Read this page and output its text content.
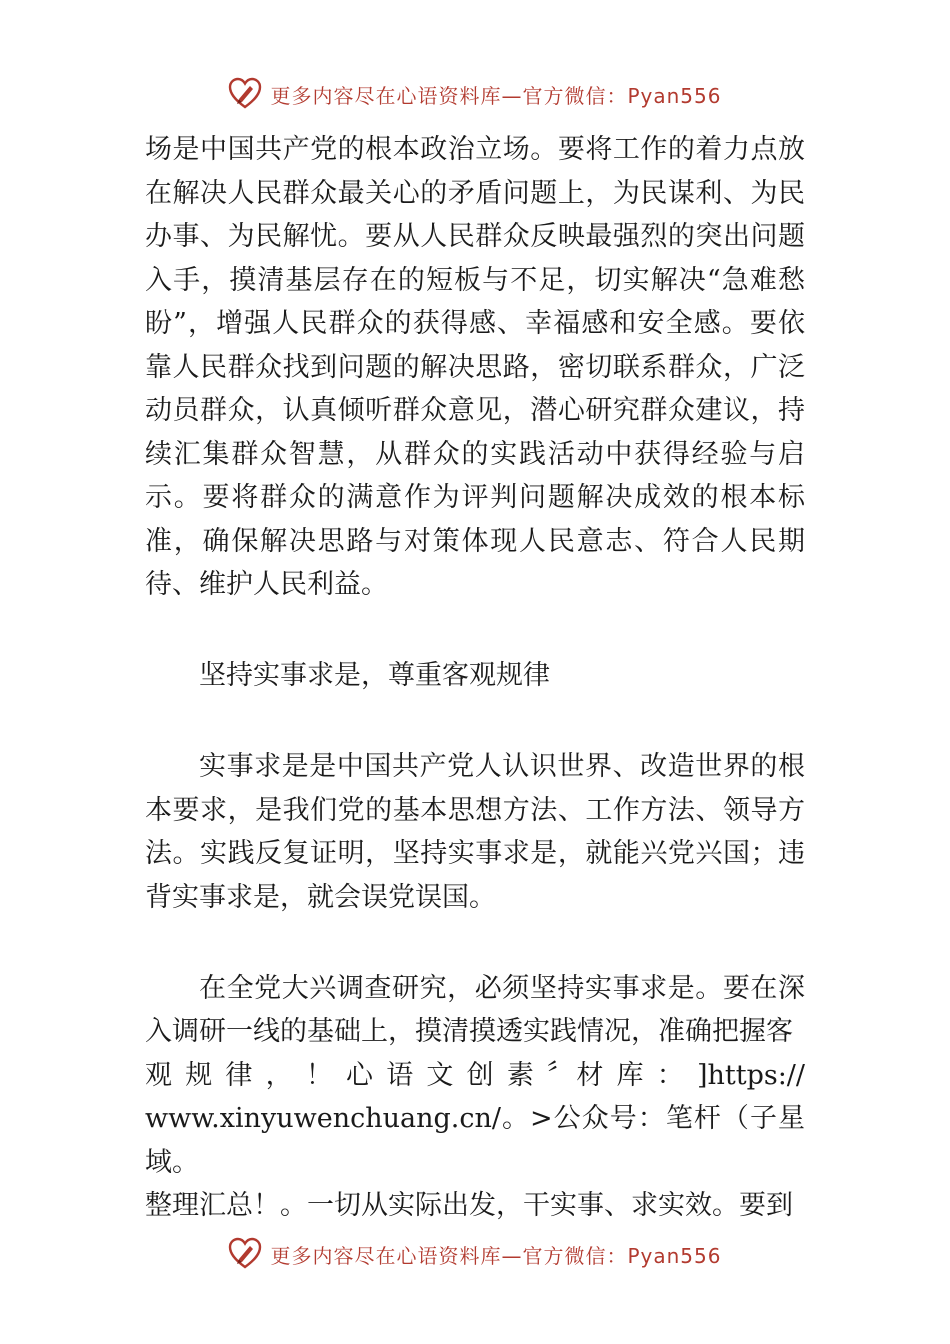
更多内容尽在心语资料库—官方微信：Pyan556

场是中国共产党的根本政治立场。要将工作的着力点放在解决人民群众最关心的矛盾问题上，为民谋利、为民办事、为民解忧。要从人民群众反映最强烈的突出问题入手，摸清基层存在的短板与不足，切实解决“急难愁盼”，增强人民群众的获得感、幸福感和安全感。要依靠人民群众找到问题的解决思路，密切联系群众，广泛动员群众，认真倾听群众意见，潜心研究群众建议，持续汇集群众智慧，从群众的实践活动中获得经验与启示。要将群众的满意作为评判问题解决成效的根本标准，确保解决思路与对策体现人民意志、符合人民期待、维护人民利益。

坚持实事求是，尊重客观规律

实事求是是中国共产党人认识世界、改造世界的根本要求，是我们党的基本思想方法、工作方法、领导方法。实践反复证明，坚持实事求是，就能兴党兴国；违背实事求是，就会误党误国。

在全党大兴调查研究，必须坚持实事求是。要在深入调研一线的基础上，摸清摸透实践情况，准确把握客

观 规 律 ， ！ 心 语 文 创 素 〞材 库 ： ]https://

www.xinyuwenchuang.cn/。>公众号：笔杆（子星域。

整理汇总！。一切从实际出发，干实事、求实效。要到

更多内容尽在心语资料库—官方微信：Pyan556
